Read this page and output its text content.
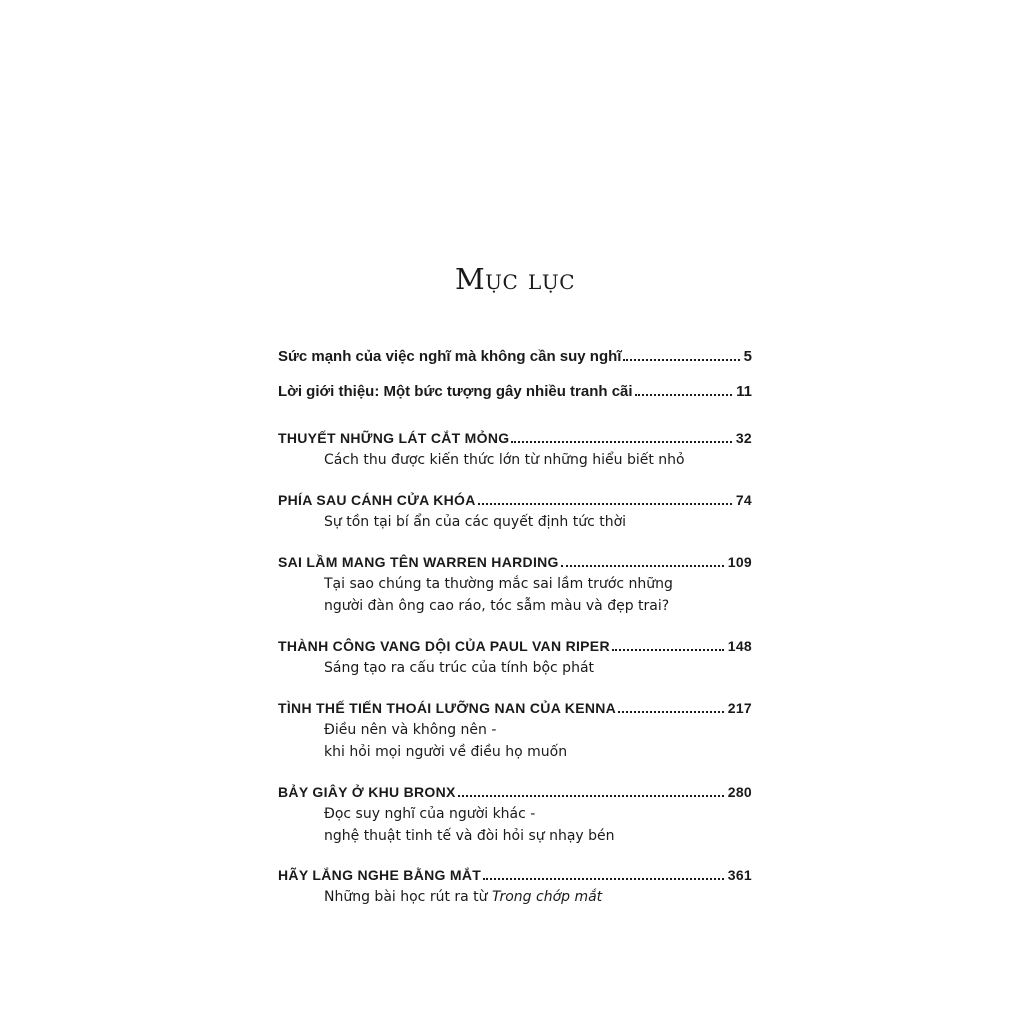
Mục lục
Sức mạnh của việc nghĩ mà không cần suy nghĩ	5
Lời giới thiệu: Một bức tượng gây nhiều tranh cãi	11
THUYẾT NHỮNG LÁT CẮT MỎNG	32
Cách thu được kiến thức lớn từ những hiểu biết nhỏ
PHÍA SAU CÁNH CỬA KHÓA	74
Sự tồn tại bí ẩn của các quyết định tức thời
SAI LẦM MANG TÊN WARREN HARDING	109
Tại sao chúng ta thường mắc sai lầm trước những
người đàn ông cao ráo, tóc sẫm màu và đẹp trai?
THÀNH CÔNG VANG DỘI CỦA PAUL VAN RIPER	148
Sáng tạo ra cấu trúc của tính bộc phát
TÌNH THẾ TIẾN THOÁI LƯỠNG NAN CỦA KENNA	217
Điều nên và không nên -
khi hỏi mọi người về điều họ muốn
BẢY GIÂY Ở KHU BRONX	280
Đọc suy nghĩ của người khác -
nghệ thuật tinh tế và đòi hỏi sự nhạy bén
HÃY LẮNG NGHE BẰNG MẮT	361
Những bài học rút ra từ Trong chớp mắt
